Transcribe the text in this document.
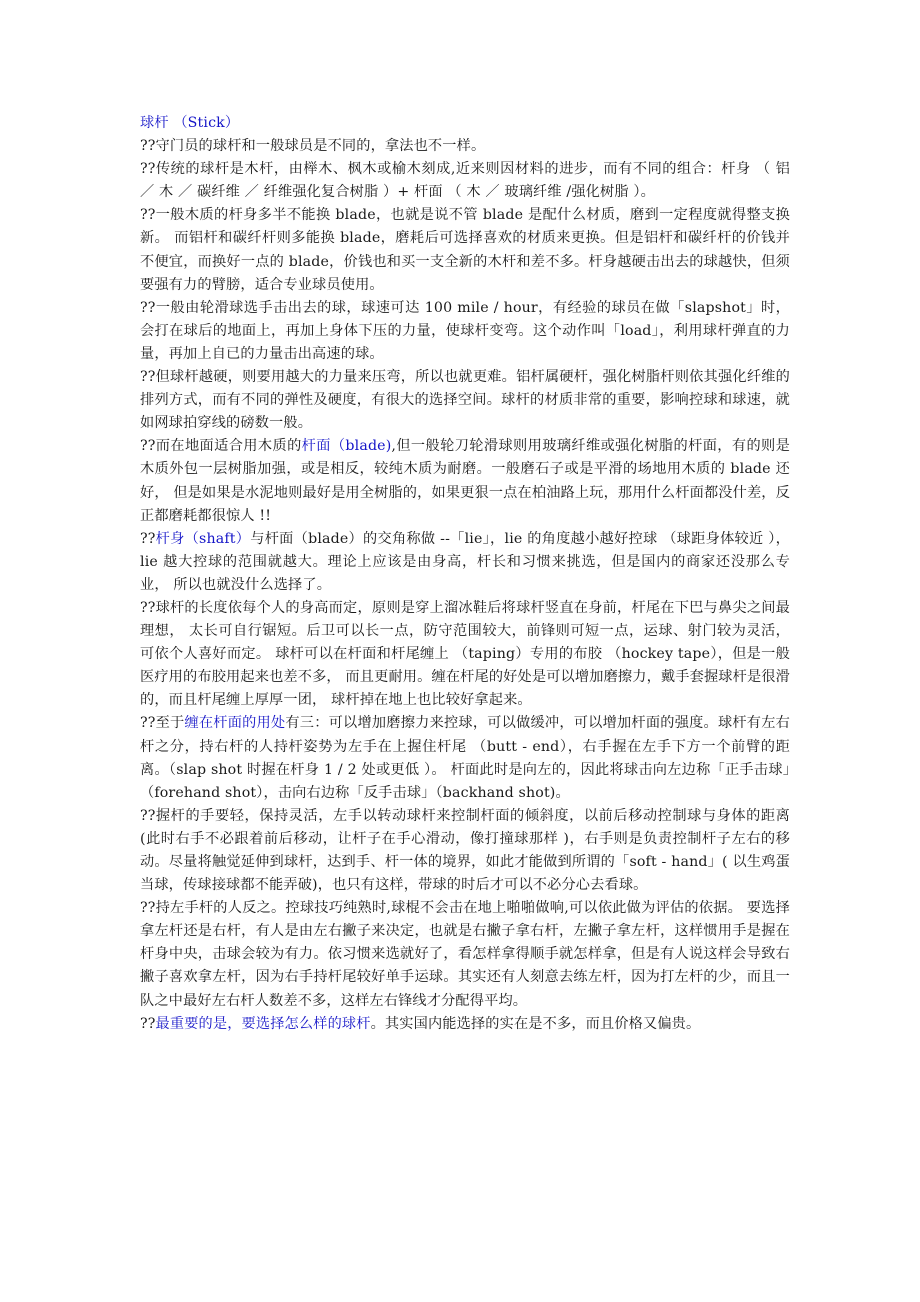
球杆 （Stick）

??守门员的球杆和一般球员是不同的，拿法也不一样。

??传统的球杆是木杆，由榉木、枫木或榆木刻成,近来则因材料的进步，而有不同的组合：杆身 （ 铝 ／ 木 ／ 碳纤维 ／ 纤维强化复合树脂 ）+ 杆面 （ 木 ／ 玻璃纤维 /强化树脂 ）。

??一般木质的杆身多半不能换 blade，也就是说不管 blade 是配什么材质，磨到一定程度就得整支换新。 而铝杆和碳纤杆则多能换 blade，磨耗后可选择喜欢的材质来更换。但是铝杆和碳纤杆的价钱并不便宜，而换好一点的 blade，价钱也和买一支全新的木杆和差不多。杆身越硬击出去的球越快，但须要强有力的臂膀，适合专业球员使用。

??一般由轮滑球选手击出去的球，球速可达 100 mile / hour，有经验的球员在做「slapshot」时，会打在球后的地面上，再加上身体下压的力量，使球杆变弯。这个动作叫「load」，利用球杆弹直的力量，再加上自已的力量击出高速的球。

??但球杆越硬，则要用越大的力量来压弯，所以也就更难。铝杆属硬杆，强化树脂杆则依其强化纤维的排列方式，而有不同的弹性及硬度，有很大的选择空间。球杆的材质非常的重要，影响控球和球速，就如网球拍穿线的磅数一般。

??而在地面适合用木质的杆面（blade),但一般轮刀轮滑球则用玻璃纤维或强化树脂的杆面，有的则是木质外包一层树脂加强，或是相反，较纯木质为耐磨。一般磨石子或是平滑的场地用木质的 blade 还好， 但是如果是水泥地则最好是用全树脂的，如果更狠一点在柏油路上玩，那用什么杆面都没什差，反正都磨耗都很惊人 !!

??杆身（shaft）与杆面（blade）的交角称做 --「lie」，lie 的角度越小越好控球 （球距身体较近 ）， lie 越大控球的范围就越大。理论上应该是由身高，杆长和习惯来挑选，但是国内的商家还没那么专业， 所以也就没什么选择了。

??球杆的长度依每个人的身高而定，原则是穿上溜冰鞋后将球杆竖直在身前，杆尾在下巴与鼻尖之间最理想， 太长可自行锯短。后卫可以长一点，防守范围较大，前锋则可短一点，运球、射门较为灵活， 可依个人喜好而定。 球杆可以在杆面和杆尾缠上 （taping）专用的布胶 （hockey tape），但是一般医疗用的布胶用起来也差不多， 而且更耐用。缠在杆尾的好处是可以增加磨擦力，戴手套握球杆是很滑的，而且杆尾缠上厚厚一团， 球杆掉在地上也比较好拿起来。

??至于缠在杆面的用处有三：可以增加磨擦力来控球，可以做缓冲，可以增加杆面的强度。球杆有左右杆之分，持右杆的人持杆姿势为左手在上握住杆尾 （butt - end），右手握在左手下方一个前臂的距离。（slap shot 时握在杆身 1 / 2 处或更低 ）。 杆面此时是向左的，因此将球击向左边称「正手击球」（forehand shot），击向右边称「反手击球」（backhand shot)。

??握杆的手要轻，保持灵活，左手以转动球杆来控制杆面的倾斜度，以前后移动控制球与身体的距离 (此时右手不必跟着前后移动，让杆子在手心滑动，像打撞球那样 )，右手则是负责控制杆子左右的移动。尽量将触觉延伸到球杆，达到手、杆一体的境界，如此才能做到所谓的「soft - hand」( 以生鸡蛋当球，传球接球都不能弄破)，也只有这样，带球的时后才可以不必分心去看球。

??持左手杆的人反之。控球技巧纯熟时,球棍不会击在地上啪啪做响,可以依此做为评估的依据。 要选择拿左杆还是右杆，有人是由左右撇子来决定，也就是右撇子拿右杆，左撇子拿左杆，这样惯用手是握在杆身中央，击球会较为有力。依习惯来选就好了，看怎样拿得顺手就怎样拿，但是有人说这样会导致右撇子喜欢拿左杆，因为右手持杆尾较好单手运球。其实还有人刻意去练左杆，因为打左杆的少，而且一队之中最好左右杆人数差不多，这样左右锋线才分配得平均。

??最重要的是，要选择怎么样的球杆。其实国内能选择的实在是不多，而且价格又偏贵。
